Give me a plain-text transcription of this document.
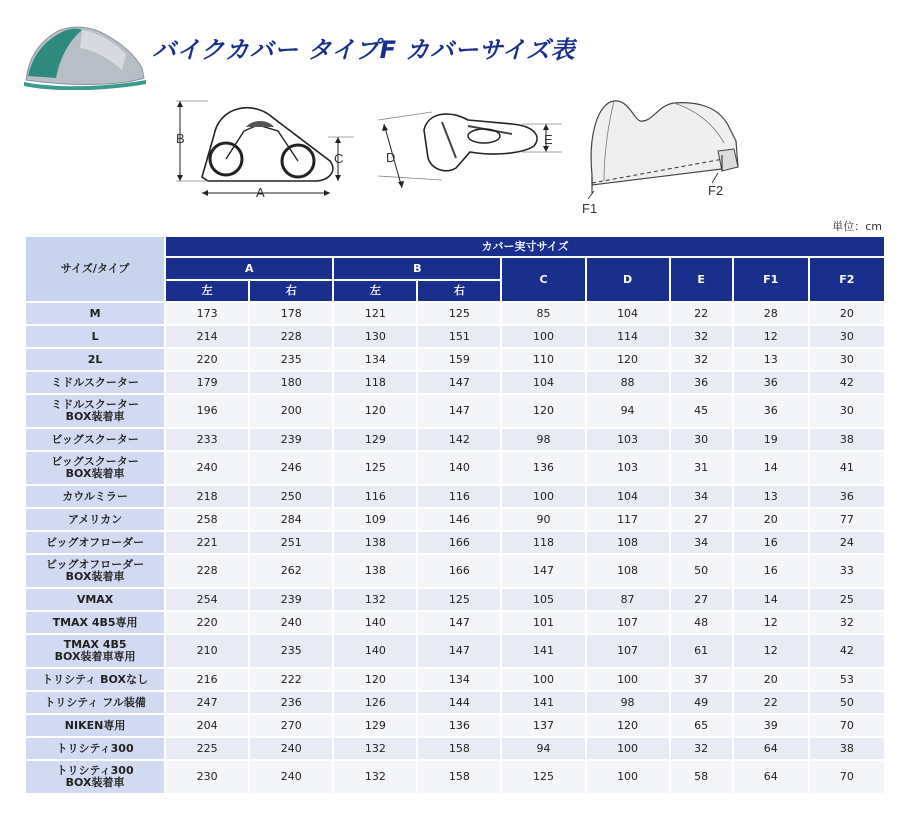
バイクカバー タイプF カバーサイズ表
B
C
A
D
E
F1
F2
単位：cm
サイズ/タイプ	カバー実寸サイズ								
	A		B		C	D	E	F1	F2
	左	右	左	右					

M	173	178	121	125	85	104	22	28	20

L	214	228	130	151	100	114	32	12	30

2L	220	235	134	159	110	120	32	13	30

ミドルスクーター	179	180	118	147	104	88	36	36	42

ミドルスクーター
BOX装着車	196	200	120	147	120	94	45	36	30

ビッグスクーター	233	239	129	142	98	103	30	19	38

ビッグスクーター
BOX装着車	240	246	125	140	136	103	31	14	41

カウルミラー	218	250	116	116	100	104	34	13	36

アメリカン	258	284	109	146	90	117	27	20	77

ビッグオフローダー	221	251	138	166	118	108	34	16	24

ビッグオフローダー
BOX装着車	228	262	138	166	147	108	50	16	33

VMAX	254	239	132	125	105	87	27	14	25

TMAX 4B5専用	220	240	140	147	101	107	48	12	32

TMAX 4B5
BOX装着車専用	210	235	140	147	141	107	61	12	42

トリシティ BOXなし	216	222	120	134	100	100	37	20	53

トリシティ フル装備	247	236	126	144	141	98	49	22	50

NIKEN専用	204	270	129	136	137	120	65	39	70

トリシティ300	225	240	132	158	94	100	32	64	38

トリシティ300
BOX装着車	230	240	132	158	125	100	58	64	70
